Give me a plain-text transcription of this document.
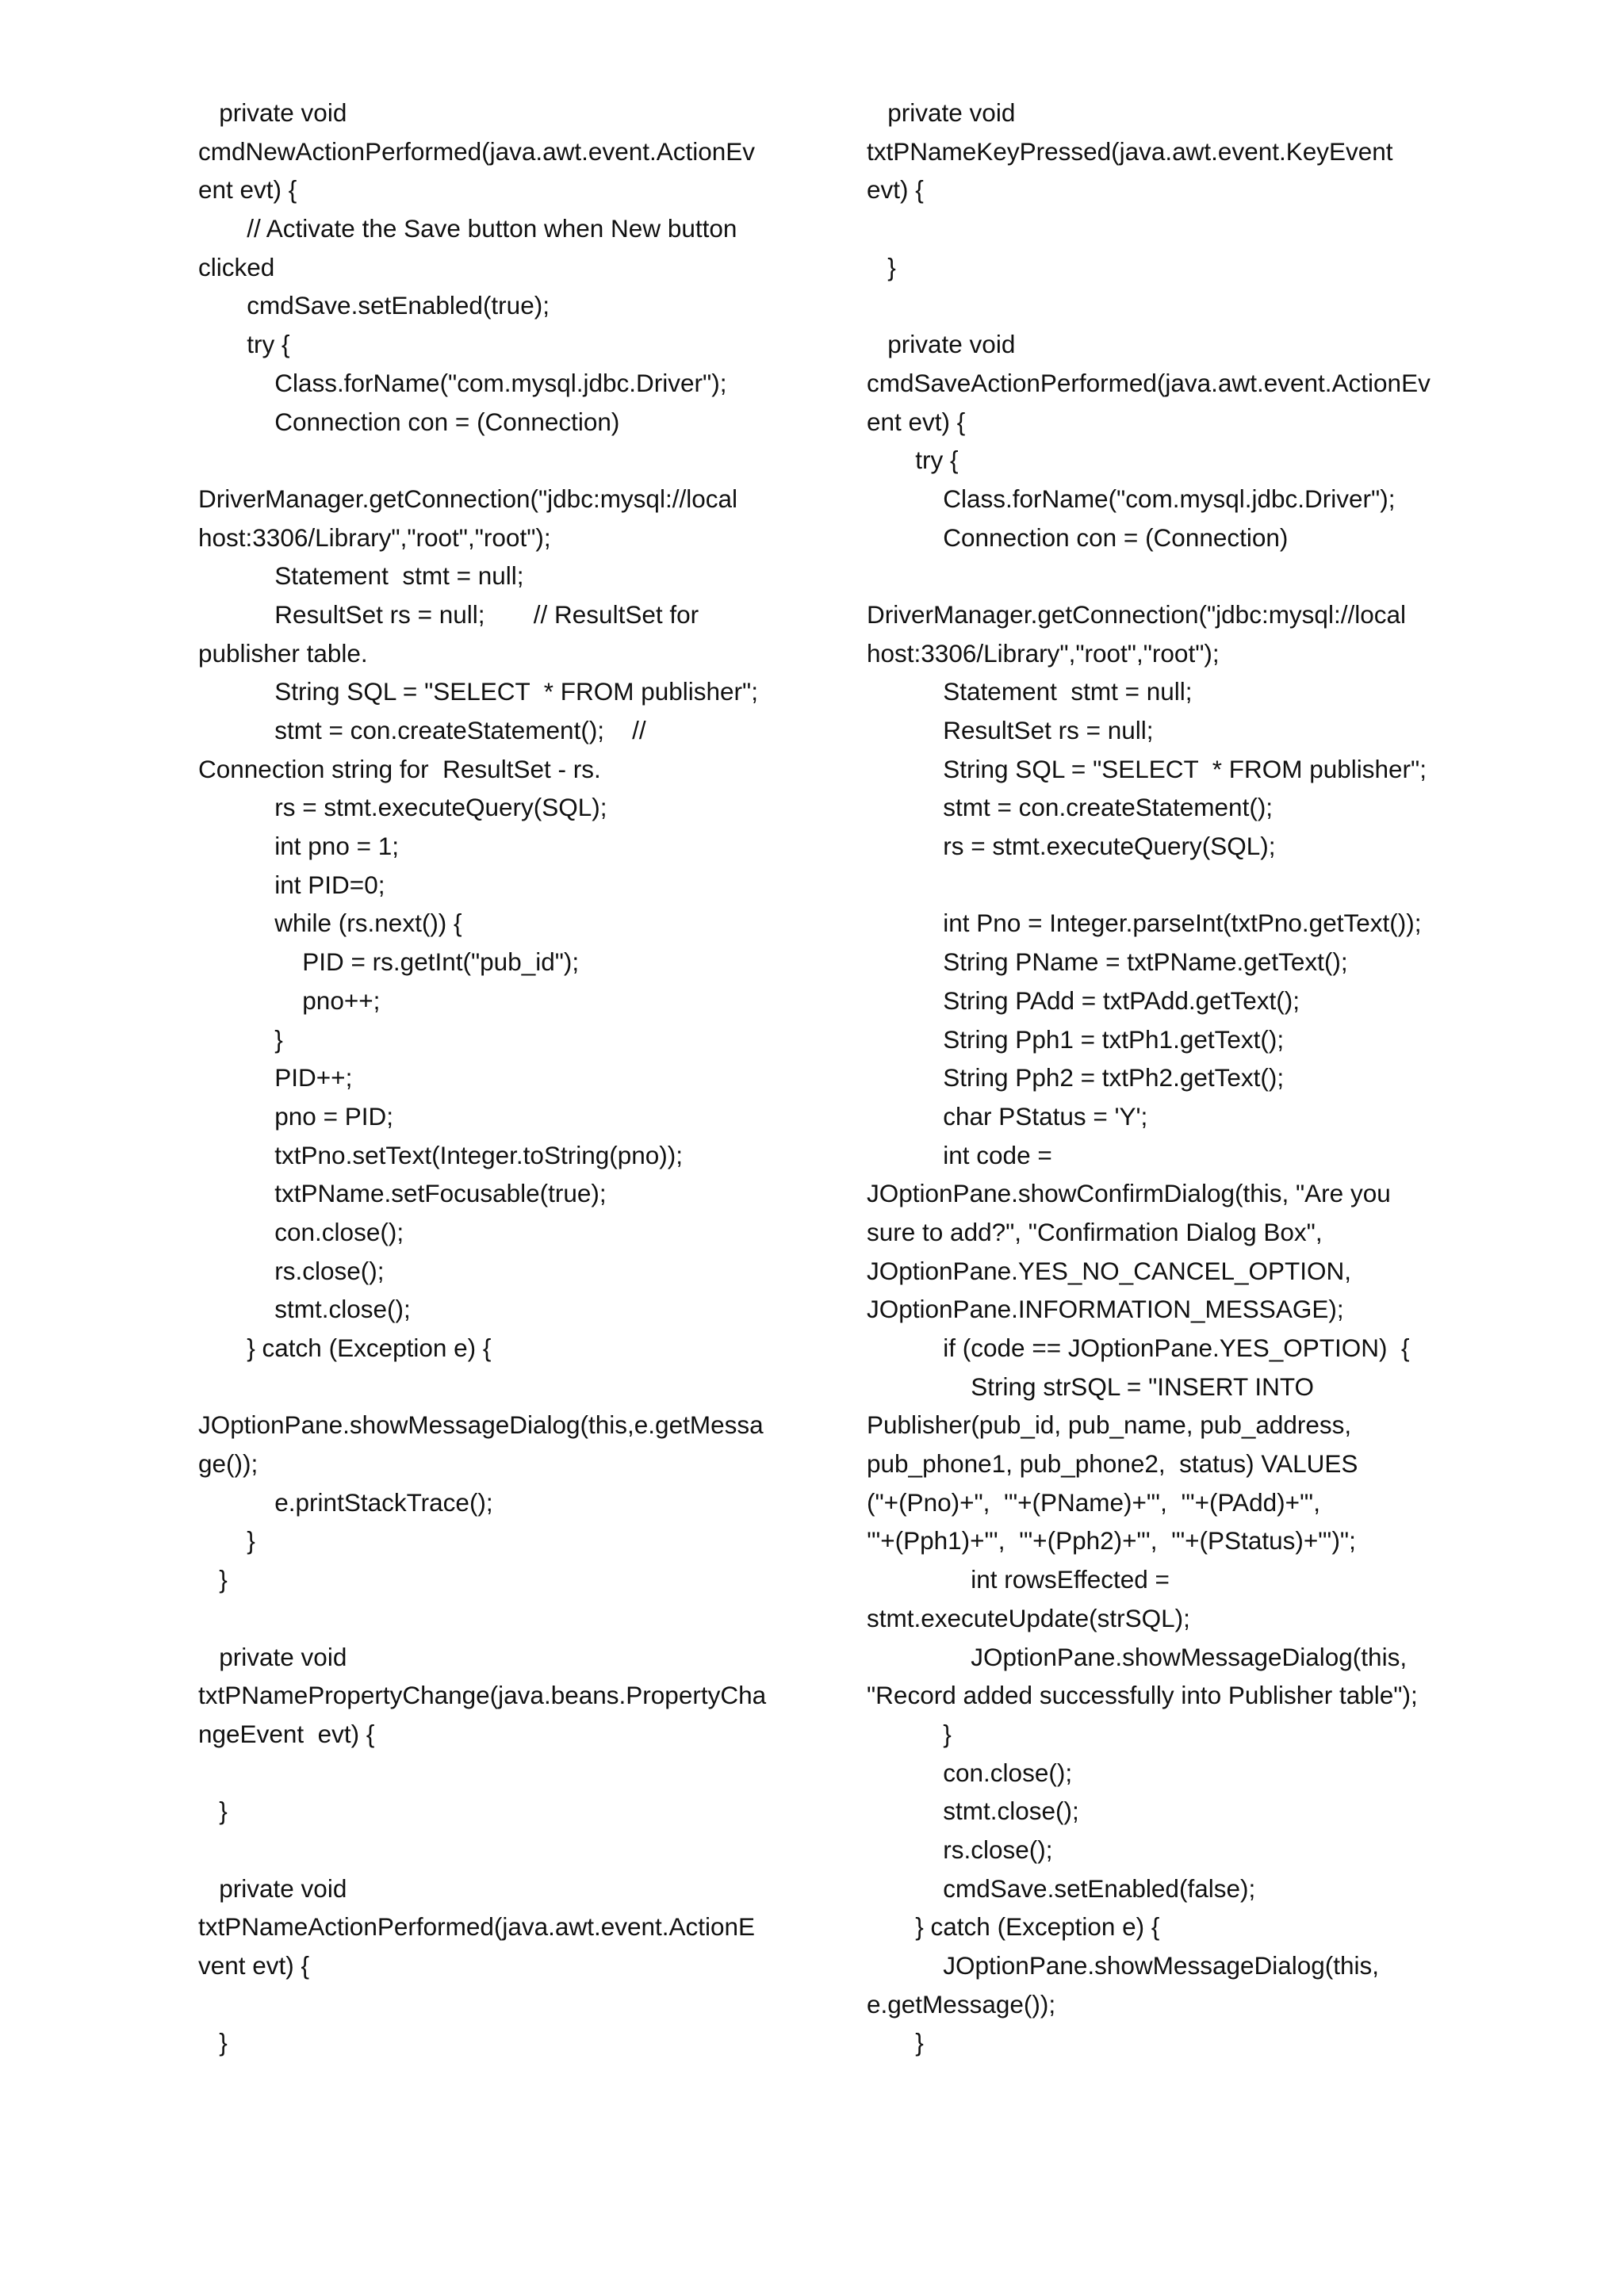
private void
cmdNewActionPerformed(java.awt.event.ActionEv
ent evt) {
// Activate the Save button when New button
clicked
cmdSave.setEnabled(true);
try {
Class.forName("com.mysql.jdbc.Driver");
Connection con = (Connection)
DriverManager.getConnection("jdbc:mysql://local
host:3306/Library","root","root");
Statement  stmt = null;
ResultSet rs = null;       // ResultSet for
publisher table.
String SQL = "SELECT  * FROM publisher";
stmt = con.createStatement();    //
Connection string for  ResultSet - rs.
rs = stmt.executeQuery(SQL);
int pno = 1;
int PID=0;
while (rs.next()) {
PID = rs.getInt("pub_id");
pno++;
}
PID++;
pno = PID;
txtPno.setText(Integer.toString(pno));
txtPName.setFocusable(true);
con.close();
rs.close();
stmt.close();
} catch (Exception e) {
JOptionPane.showMessageDialog(this,e.getMessa
ge());
e.printStackTrace();
}
}
private void
txtPNamePropertyChange(java.beans.PropertyCha
ngeEvent  evt) {
}
private void
txtPNameActionPerformed(java.awt.event.ActionE
vent evt) {
}
private void
txtPNameKeyPressed(java.awt.event.KeyEvent
evt) {
}
private void
cmdSaveActionPerformed(java.awt.event.ActionEv
ent evt) {
try {
Class.forName("com.mysql.jdbc.Driver");
Connection con = (Connection)
DriverManager.getConnection("jdbc:mysql://local
host:3306/Library","root","root");
Statement  stmt = null;
ResultSet rs = null;
String SQL = "SELECT  * FROM publisher";
stmt = con.createStatement();
rs = stmt.executeQuery(SQL);
int Pno = Integer.parseInt(txtPno.getText());
String PName = txtPName.getText();
String PAdd = txtPAdd.getText();
String Pph1 = txtPh1.getText();
String Pph2 = txtPh2.getText();
char PStatus = 'Y';
int code =
JOptionPane.showConfirmDialog(this, "Are you
sure to add?", "Confirmation Dialog Box",
JOptionPane.YES_NO_CANCEL_OPTION,
JOptionPane.INFORMATION_MESSAGE);
if (code == JOptionPane.YES_OPTION)  {
String strSQL = "INSERT INTO
Publisher(pub_id, pub_name, pub_address,
pub_phone1, pub_phone2,  status) VALUES
("+(Pno)+",  '"+(PName)+"',  '"+(PAdd)+"',
'"+(Pph1)+"',  '"+(Pph2)+"',  '"+(PStatus)+"')";
int rowsEffected =
stmt.executeUpdate(strSQL);
JOptionPane.showMessageDialog(this,
"Record added successfully into Publisher table");
}
con.close();
stmt.close();
rs.close();
cmdSave.setEnabled(false);
} catch (Exception e) {
JOptionPane.showMessageDialog(this,
e.getMessage());
}
